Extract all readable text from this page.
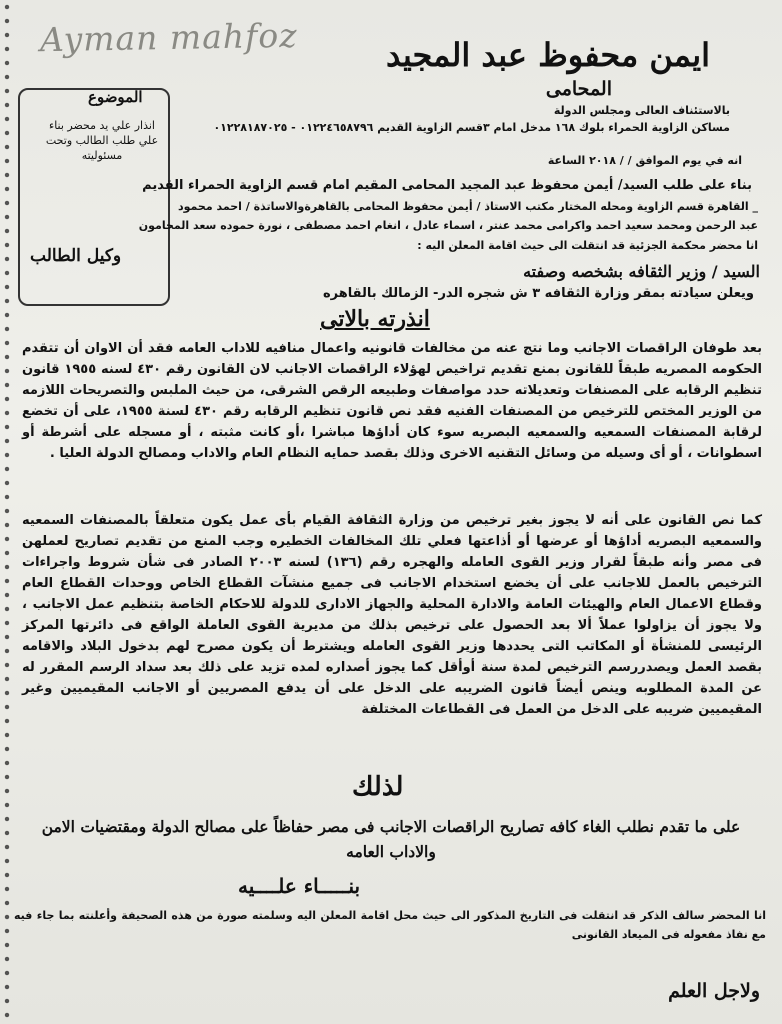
Ayman mahfoz	ايمن محفوظ عبد المجيد
المحامى
بالاستئناف العالى ومجلس الدولة
مساكن الزاوية الحمراء بلوك ١٦٨ مدخل امام ٣قسم الزاوية القديم ٠١٢٢٤٦٥٨٧٩٦ - ٠١٢٢٨١٨٧٠٢٥
الموضوع
انذار علي يد محضر بناء علي طلب الطالب وتحت مسئوليته
وكيل الطالب
انه في يوم الموافق / / ٢٠١٨ الساعة
بناء على طلب السيد/ أيمن محفوظ عبد المجيد المحامى المقيم امام قسم الزاوية الحمراء القديم
_ القاهرة قسم الزاوية ومحله المختار مكتب الاستاذ / أيمن محفوظ المحامى بالقاهرةوالاساتذة / احمد محمود
عبد الرحمن ومحمد سعيد احمد واكرامى محمد عنتر ، اسماء عادل ، انغام احمد مصطفى ، نورة حموده سعد المحامون
انا محضر محكمة الجزئية قد انتقلت الى حيث اقامة المعلن اليه :
السيد / وزير الثقافه بشخصه وصفته
ويعلن سيادته بمقر وزارة الثقافه ٣ ش شجره الدر- الزمالك بالقاهره
انذرته بالاتى
بعد طوفان الراقصات الاجانب وما نتج عنه من مخالفات قانونيه واعمال منافيه للاداب العامه فقد أن الاوان أن تتقدم الحكومه المصريه طبقاً للقانون بمنع تقديم تراخيص لهؤلاء الراقصات الاجانب لان القانون رقم ٤٣٠ لسنه ١٩٥٥ قانون تنظيم الرقابه على المصنفات وتعديلاته حدد مواصفات وطبيعه الرقص الشرقى، من حيث الملبس والتصريحات اللازمه من الوزير المختص للترخيص من المصنفات الفنيه فقد نص قانون تنظيم الرقابه رقم ٤٣٠ لسنة ١٩٥٥، على أن تخضع لرقابة المصنفات السمعيه والسمعيه البصريه سوء كان أداؤها مباشرا ،أو كانت مثبته ، أو مسجله على أشرطة أو اسطوانات ، أو أى وسيله من وسائل التقنيه الاخرى وذلك بقصد حمايه النظام العام والاداب ومصالح الدولة العليا .
كما نص القانون على أنه لا يجوز بغير ترخيص من وزارة الثقافة القيام بأى عمل يكون متعلقاً بالمصنفات السمعيه والسمعيه البصريه أداؤها أو عرضها أو أذاعتها فعلي تلك المخالفات الخطيره وجب المنع من تقديم تصاريح لعملهن فى مصر وأنه طبقاً لقرار وزير القوى العامله والهجره رقم (١٣٦) لسنه ٢٠٠٣ الصادر فى شأن شروط واجراءات الترخيص بالعمل للاجانب على أن يخضع استخدام الاجانب فى جميع منشآت القطاع الخاص ووحدات القطاع العام وقطاع الاعمال العام والهيئات العامة والادارة المحلية والجهاز الادارى للدولة للاحكام الخاصة بتنظيم عمل الاجانب ، ولا يجوز أن يزاولوا عملاً ألا بعد الحصول على ترخيص بذلك من مديرية القوى العاملة الواقع فى دائرتها المركز الرئيسى للمنشأة أو المكاتب التى يحددها وزير القوى العامله ويشترط أن يكون مصرح لهم بدخول البلاد والاقامه بقصد العمل ويصدررسم الترخيص لمدة سنة أوأقل كما يجوز أصداره لمده تزيد على ذلك بعد سداد الرسم المقرر له عن المدة المطلوبه وينص أيضاً قانون الضريبه على الدخل على أن يدفع المصريين أو الاجانب المقيميين وغير المقيميين ضريبه على الدخل من العمل فى القطاعات المختلفة
لذلك
على ما تقدم نطلب الغاء كافه تصاريح الراقصات الاجانب فى مصر حفاظاً على مصالح الدولة ومقتضيات الامن والاداب العامه
بنـــــاء علــــيه
انا المحضر سالف الذكر قد انتقلت فى التاريخ المذكور الى حيث محل اقامة المعلن اليه وسلمته صورة من هذه الصحيفة وأعلنته بما جاء فيه مع نفاذ مفعوله فى الميعاد القانونى
ولاجل العلم
